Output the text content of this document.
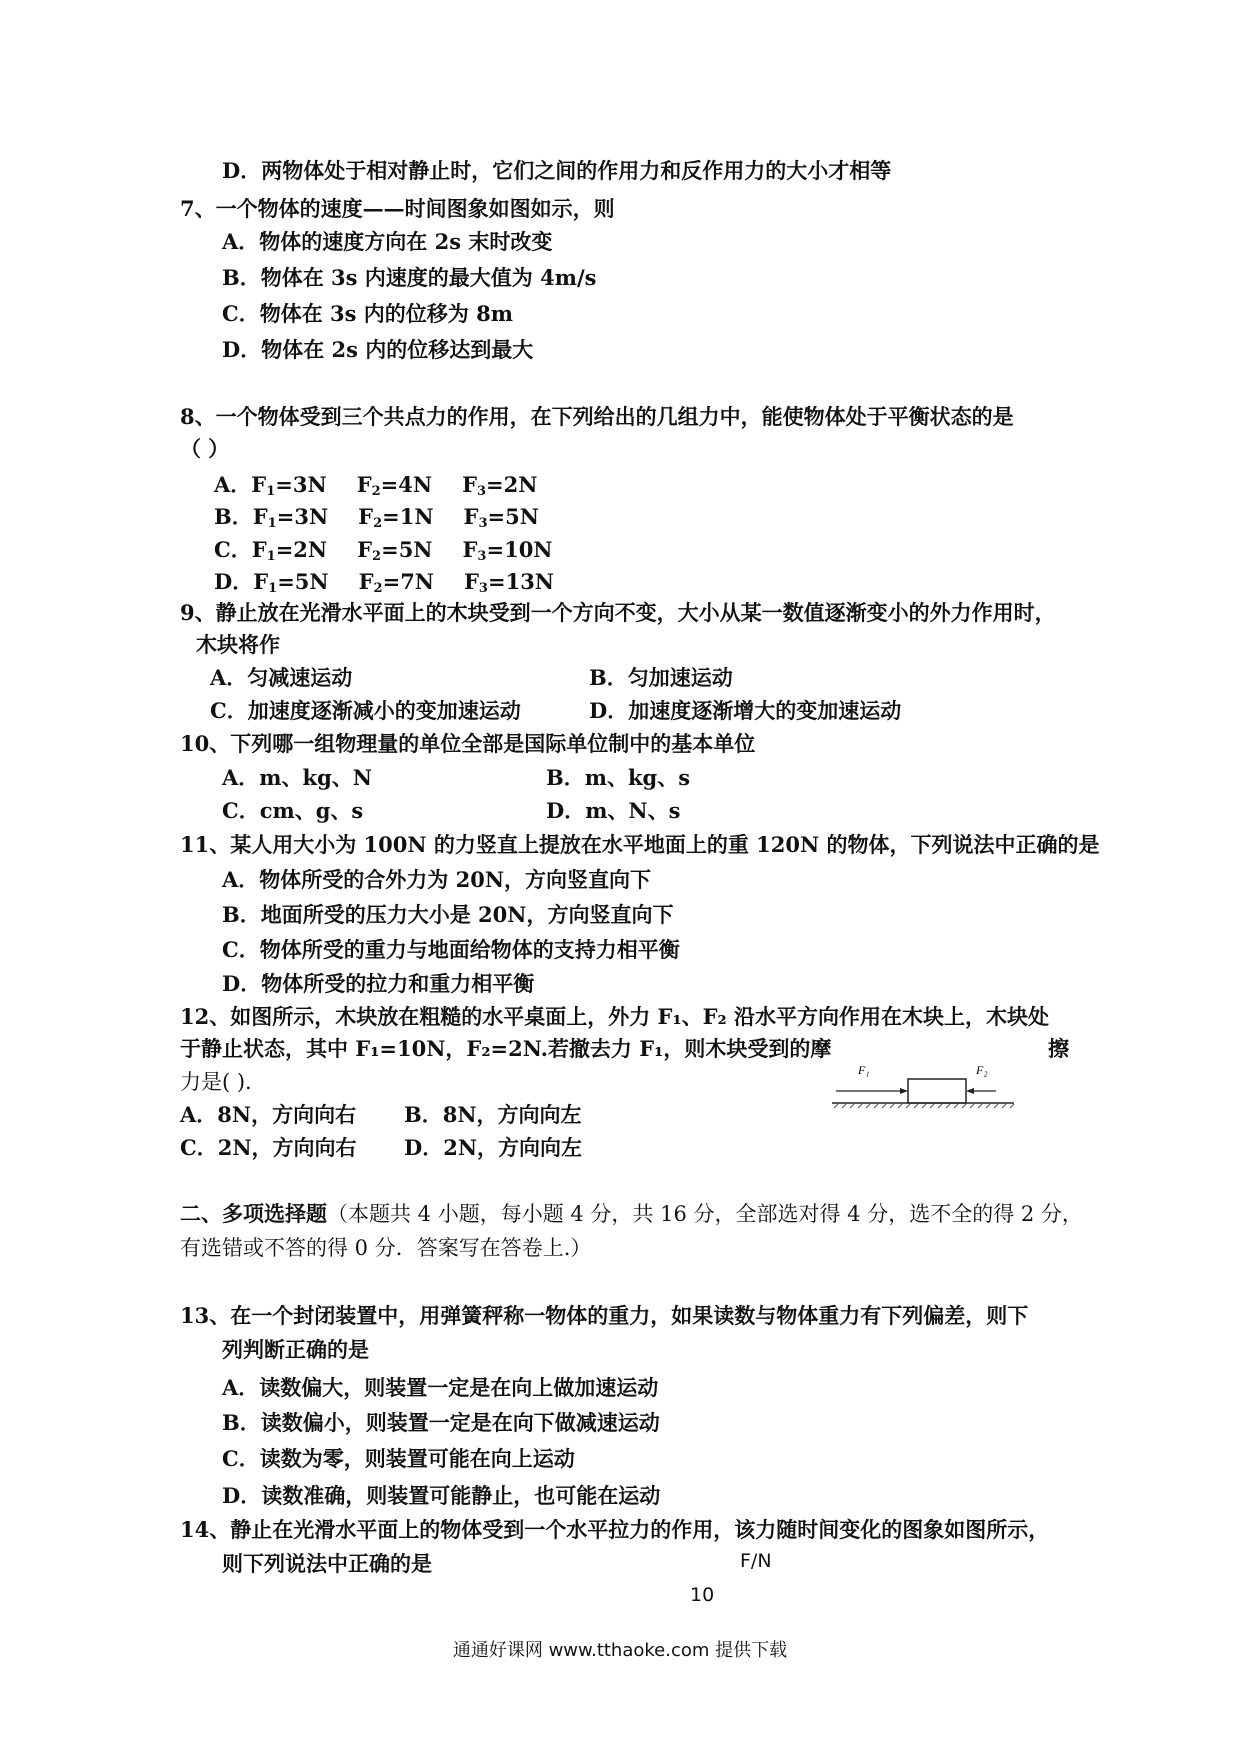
D．两物体处于相对静止时，它们之间的作用力和反作用力的大小才相等
7、一个物体的速度——时间图象如图如示，则
A．物体的速度方向在 2s 末时改变
B．物体在 3s 内速度的最大值为 4m/s
C．物体在 3s 内的位移为 8m
D．物体在 2s 内的位移达到最大
8、一个物体受到三个共点力的作用，在下列给出的几组力中，能使物体处于平衡状态的是
（ ）
A． $F_1= 3N$ $F_2= 4N$ $F_3= 2N$
B． $F_1= 3N$ $F_2= 1N$ $F_3= 5N$
C． $F_1= 2N$ $F_2= 5N$ $F_3= 10N$
D． $F_1= 5N$ $F_2= 7N$ $F_3= 13N$
9、静止放在光滑水平面上的木块受到一个方向不变，大小从某一数值逐渐变小的外力作用时，
木块将作
A．匀减速运动	B．匀加速运动
C．加速度逐渐减小的变加速运动	D．加速度逐渐增大的变加速运动
10、下列哪一组物理量的单位全部是国际单位制中的基本单位
A．m、kg、N	B．m、kg、s
C．cm、g、s	D．m、N、s
11、某人用大小为 100N 的力竖直上提放在水平地面上的重 120N 的物体，下列说法中正确的是
A．物体所受的合外力为 20N，方向竖直向下
B．地面所受的压力大小是 20N，方向竖直向下
C．物体所受的重力与地面给物体的支持力相平衡
D．物体所受的拉力和重力相平衡
12、如图所示，木块放在粗糙的水平桌面上，外力 F₁、F₂ 沿水平方向作用在木块上，木块处
于静止状态，其中 F₁=10N，F₂=2N.若撤去力 F₁，则木块受到的摩	擦
力是( ).
A．8N，方向向右	B．8N，方向向左
C．2N，方向向右	D．2N，方向向左
F₁	F₂
二、多项选择题 （本题共 4 小题，每小题 4 分，共 16 分，全部选对得 4 分，选不全的得 2 分，
有选错或不答的得 0 分．答案写在答卷上.）
13、在一个封闭装置中，用弹簧秤称一物体的重力，如果读数与物体重力有下列偏差，则下
列判断正确的是
A．读数偏大，则装置一定是在向上做加速运动
B．读数偏小，则装置一定是在向下做减速运动
C．读数为零，则装置可能在向上运动
D．读数准确，则装置可能静止，也可能在运动
14、静止在光滑水平面上的物体受到一个水平拉力的作用，该力随时间变化的图象如图所示，
则下列说法中正确的是	F/N
10
通通好课网 www.tthaoke.com 提供下载
